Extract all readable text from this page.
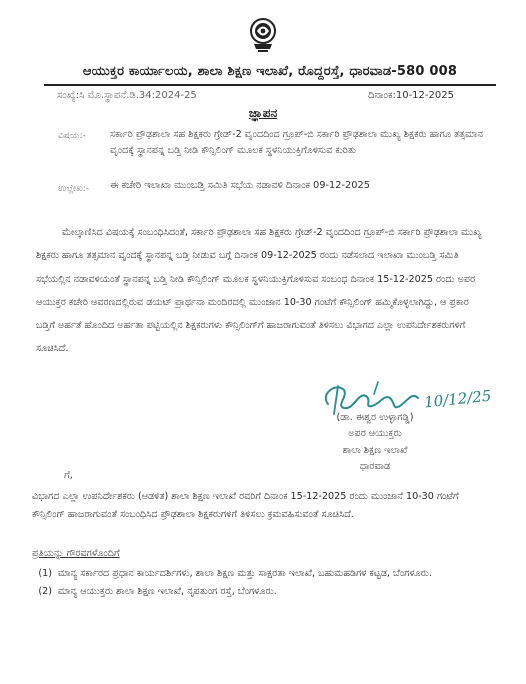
ಆಯುಕ್ತರ ಕಾರ್ಯಾಲಯ, ಶಾಲಾ ಶಿಕ್ಷಣ ಇಲಾಖೆ, ರೊದ್ದರಸ್ತೆ, ಧಾರವಾಡ-580 008
ಸಂಖ್ಯೆ:ಸಿ ಮೊ.ಸ್ಥಾಪನೆ.ಡಿ.34:2024-25	ದಿನಾಂಕ:10-12-2025
ಜ್ಞಾಪನ
ವಿಷಯ:-	ಸರ್ಕಾರಿ ಪ್ರೌಢಶಾಲಾ ಸಹ ಶಿಕ್ಷಕರು ಗ್ರೇಡ್-2 ವೃಂದದಿಂದ ಗ್ರೂಪ್-ಬಿ ಸರ್ಕಾರಿ ಪ್ರೌಢಶಾಲಾ ಮುಖ್ಯ ಶಿಕ್ಷಕರು ಹಾಗೂ ತತ್ಸಮಾನ ವೃಂದಕ್ಕೆ ಸ್ಥಾನಪನ್ನ ಬಡ್ತಿ ನೀಡಿ ಕೌನ್ಸಿಲಿಂಗ್ ಮೂಲಕ ಸ್ಥಳನಿಯುಕ್ತಿಗೊಳಿಸುವ ಕುರಿತು
ಉಲ್ಲೇಖ:- ಈ ಕಚೇರಿ ಇಲಾಖಾ ಮುಂಬಡ್ತಿ ಸಮಿತಿ ಸಭೆಯ ನಡಾವಳಿ ದಿನಾಂಕ 09-12-2025
ಮೇಲ್ಕಾಣಿಸಿದ ವಿಷಯಕ್ಕೆ ಸಂಬಂಧಿಸಿದಂತೆ, ಸರ್ಕಾರಿ ಪ್ರೌಢಶಾಲಾ ಸಹ ಶಿಕ್ಷಕರು ಗ್ರೇಡ್-2 ವೃಂದದಿಂದ ಗ್ರೂಪ್-ಬಿ ಸರ್ಕಾರಿ ಪ್ರೌಢಶಾಲಾ ಮುಖ್ಯ ಶಿಕ್ಷಕರು ಹಾಗೂ ತತ್ಸಮಾನ ವೃಂದಕ್ಕೆ ಸ್ಥಾನಪನ್ನ ಬಡ್ತಿ ನೀಡುವ ಬಗ್ಗೆ ದಿನಾಂಕ 09-12-2025 ರಂದು ನಡೆಸಲಾದ ಇಲಾಖಾ ಮುಂಬಡ್ತಿ ಸಮಿತಿ ಸಭೆಯಲ್ಲಿನ ನಡಾವಳಿಯಂತೆ ಸ್ಥಾನಪನ್ನ ಬಡ್ತಿ ನೀಡಿ ಕೌನ್ಸಿಲಿಂಗ್ ಮೂಲಕ ಸ್ಥಳನಿಯುಕ್ತಿಗೊಳಿಸುವ ಸಂಬಂಧ ದಿನಾಂಕ 15-12-2025 ರಂದು ಅಪರ ಆಯುಕ್ತರ ಕಚೇರಿ ಆವರಣದಲ್ಲಿರುವ ಡಯಟ್ ಪ್ರಾರ್ಥನಾ ಮಂದಿರದಲ್ಲಿ ಮುಂಜಾನ 10-30 ಗಂಟೆಗೆ ಕೌನ್ಸಿಲಿಂಗ್ ಹಮ್ಮಿಕೊಳ್ಳಲಾಗಿದ್ದು, ಆ ಪ್ರಕಾರ ಬಡ್ತಿಗೆ ಅರ್ಹತೆ ಹೊಂದಿದ ಅರ್ಹತಾ ಪಟ್ಟಿಯಲ್ಲಿನ ಶಿಕ್ಷಕರುಗಳು ಕೌನ್ಸಿಲಿಂಗ್‌ಗೆ ಹಾಜರಾಗುವಂತೆ ತಿಳಿಸಲು ವಿಭಾಗದ ಎಲ್ಲಾ ಉಪನಿರ್ದೇಶಕರುಗಳಿಗೆ ಸೂಚಿಸಿದೆ.
10/12/25
(ಡಾ. ಈಶ್ವರ ಉಳ್ಳಾಗಡ್ಡಿ)
ಅಪರ ಆಯುಕ್ತರು
ಶಾಲಾ ಶಿಕ್ಷಣ ಇಲಾಖೆ
ಧಾರವಾಡ
ಗೆ,
ವಿಭಾಗದ ಎಲ್ಲಾ ಉಪನಿರ್ದೇಶಕರು (ಆಡಳಿತ) ಶಾಲಾ ಶಿಕ್ಷಣ ಇಲಾಖೆ ರವರಿಗೆ ದಿನಾಂಕ 15-12-2025 ರಂದು ಮುಂಜಾನೆ 10-30 ಗಂಟೆಗೆ ಕೌನ್ಸಿಲಿಂಗ್ ಹಾಜರಾಗುವಂತೆ ಸಂಬಂಧಿಸಿದ ಪ್ರೌಢಶಾಲಾ ಶಿಕ್ಷಕರುಗಳಿಗೆ ತಿಳಿಸಲು ಕ್ರಮವಹಿಸುವಂತೆ ಸೂಚಿಸಿದೆ.
ಪ್ರತಿಯನ್ನು ಗೌರವಗಳೊಂದಿಗೆ
(1) ಮಾನ್ಯ ಸರ್ಕಾರದ ಪ್ರಧಾನ ಕಾರ್ಯದರ್ಶಿಗಳು, ಶಾಲಾ ಶಿಕ್ಷಣ ಮತ್ತು ಸಾಕ್ಷರತಾ ಇಲಾಖೆ, ಬಹುಮಹಡಿಗಳ ಕಟ್ಟಡ, ಬೆಂಗಳೂರು.
(2) ಮಾನ್ಯ ಆಯುಕ್ತರು ಶಾಲಾ ಶಿಕ್ಷಣ ಇಲಾಖೆ, ನೃಪತುಂಗ ರಸ್ತೆ, ಬೆಂಗಳೂರು.
